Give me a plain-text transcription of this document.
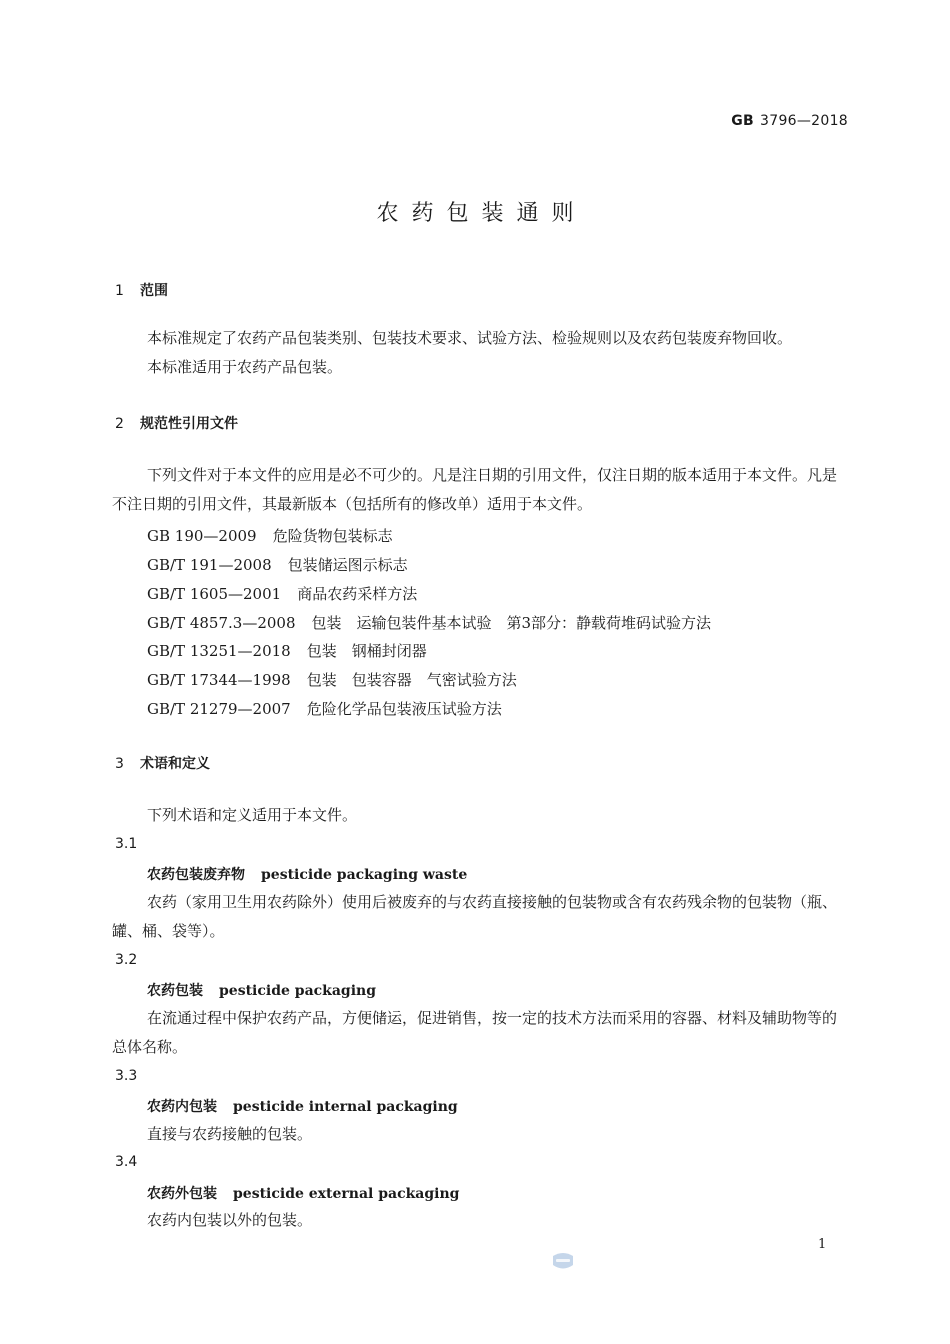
GB 3796—2018
农药包装通则
1 范围
本标准规定了农药产品包装类别、包装技术要求、试验方法、检验规则以及农药包装废弃物回收。
本标准适用于农药产品包装。
2 规范性引用文件
下列文件对于本文件的应用是必不可少的。凡是注日期的引用文件，仅注日期的版本适用于本文件。凡是不注日期的引用文件，其最新版本（包括所有的修改单）适用于本文件。
GB 190—2009 危险货物包装标志
GB/T 191—2008 包装储运图示标志
GB/T 1605—2001 商品农药采样方法
GB/T 4857.3—2008 包装　运输包装件基本试验　第3部分：静载荷堆码试验方法
GB/T 13251—2018 包装　钢桶封闭器
GB/T 17344—1998 包装　包装容器　气密试验方法
GB/T 21279—2007 危险化学品包装液压试验方法
3 术语和定义
下列术语和定义适用于本文件。
3.1
农药包装废弃物 pesticide packaging waste
农药（家用卫生用农药除外）使用后被废弃的与农药直接接触的包装物或含有农药残余物的包装物（瓶、罐、桶、袋等）。
3.2
农药包装 pesticide packaging
在流通过程中保护农药产品，方便储运，促进销售，按一定的技术方法而采用的容器、材料及辅助物等的总体名称。
3.3
农药内包装 pesticide internal packaging
直接与农药接触的包装。
3.4
农药外包装 pesticide external packaging
农药内包装以外的包装。
1
